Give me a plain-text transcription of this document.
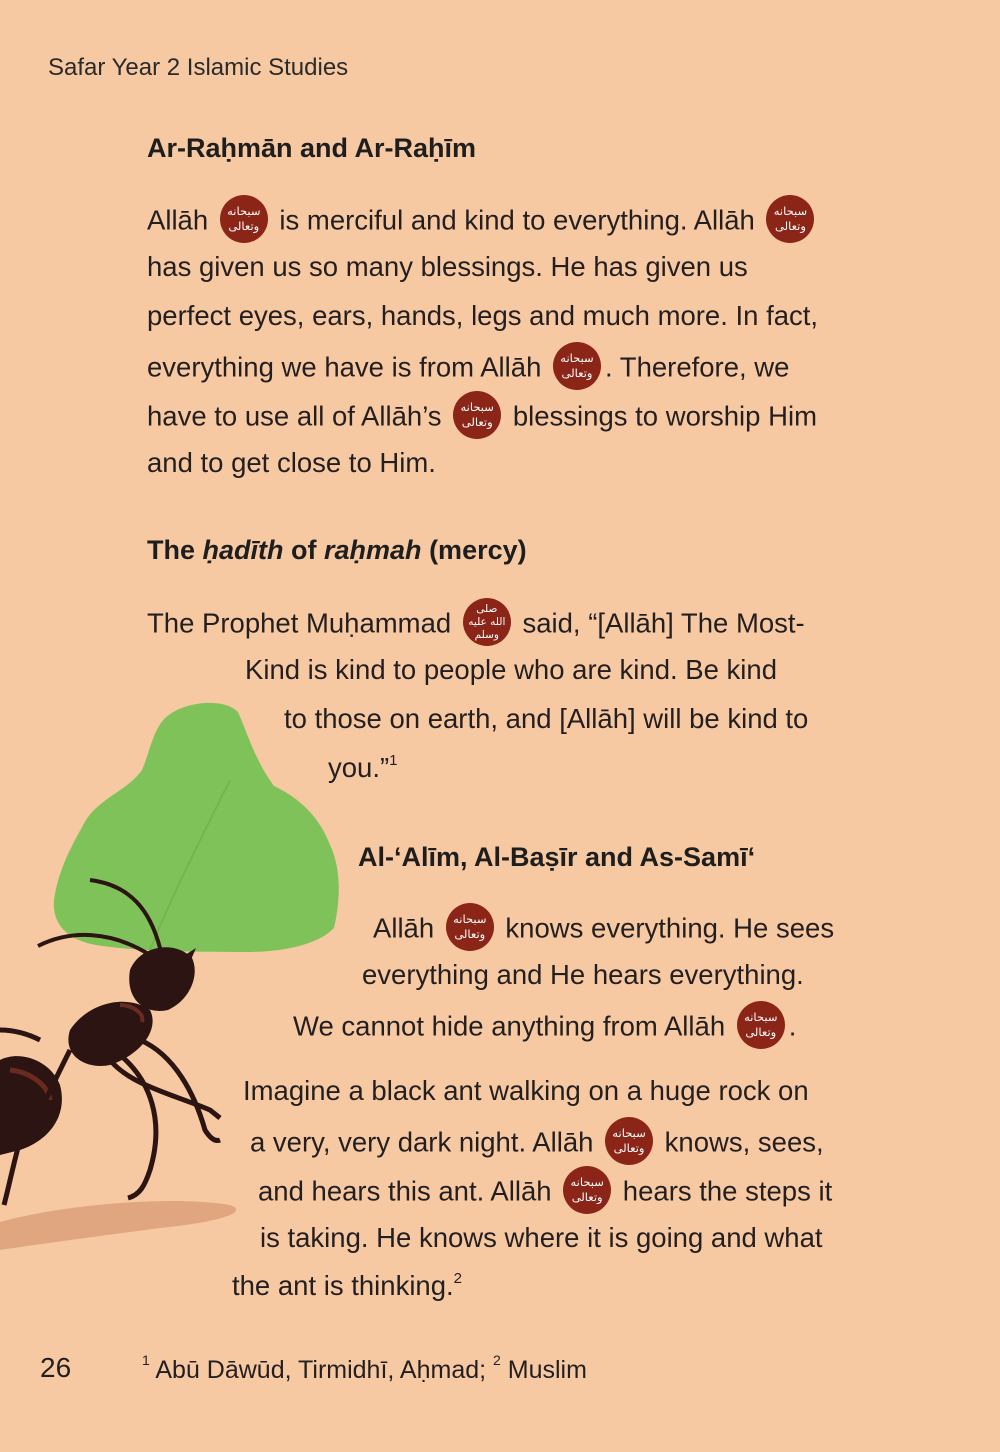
Safar Year 2 Islamic Studies
Ar-Raḥmān and Ar-Raḥīm
Allāh سبحانه وتعالى is merciful and kind to everything. Allāh سبحانه وتعالى
has given us so many blessings. He has given us
perfect eyes, ears, hands, legs and much more. In fact,
everything we have is from Allāh سبحانه وتعالى . Therefore, we
have to use all of Allāh’s سبحانه وتعالى blessings to worship Him
and to get close to Him.
The ḥadīth of raḥmah (mercy)
The Prophet Muḥammad	صلى الله عليه وسلم said, “[Allāh] The Most-
Kind is kind to people who are kind. Be kind
to those on earth, and [Allāh] will be kind to
you.”$^1$
Al-‘Alīm, Al-Baṣīr and As-Samī‘
Allāh سبحانه وتعالى knows everything. He sees
everything and He hears everything.
We cannot hide anything from Allāh سبحانه وتعالى .
Imagine a black ant walking on a huge rock on
a very, very dark night. Allāh سبحانه وتعالى knows, sees,
and hears this ant. Allāh سبحانه وتعالى hears the steps it
is taking. He knows where it is going and what
the ant is thinking.$^2$
26	$^1$ Abū Dāwūd, Tirmidhī, Aḥmad; $^2$ Muslim
